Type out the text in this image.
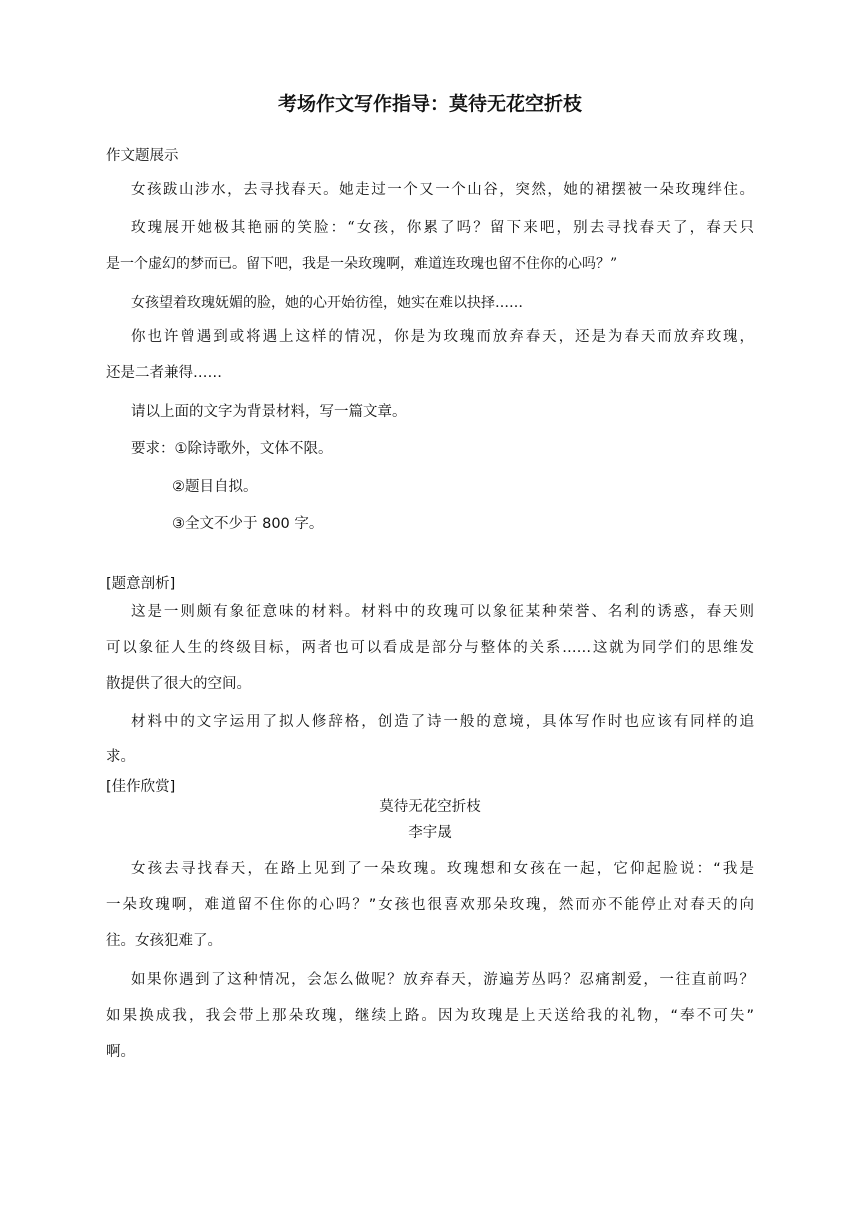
考场作文写作指导：莫待无花空折枝
作文题展示
女孩跋山涉水，去寻找春天。她走过一个又一个山谷，突然，她的裙摆被一朵玫瑰绊住。
玫瑰展开她极其艳丽的笑脸：“女孩，你累了吗？留下来吧，别去寻找春天了，春天只
是一个虚幻的梦而已。留下吧，我是一朵玫瑰啊，难道连玫瑰也留不住你的心吗？”
女孩望着玫瑰妩媚的脸，她的心开始彷徨，她实在难以抉择……
你也许曾遇到或将遇上这样的情况，你是为玫瑰而放弃春天，还是为春天而放弃玫瑰，
还是二者兼得……
请以上面的文字为背景材料，写一篇文章。
要求：①除诗歌外，文体不限。
②题目自拟。
③全文不少于 800 字。
[题意剖析]
这是一则颇有象征意味的材料。材料中的玫瑰可以象征某种荣誉、名利的诱惑，春天则
可以象征人生的终级目标，两者也可以看成是部分与整体的关系……这就为同学们的思维发
散提供了很大的空间。
材料中的文字运用了拟人修辞格，创造了诗一般的意境，具体写作时也应该有同样的追
求。
[佳作欣赏]
莫待无花空折枝
李宇晟
女孩去寻找春天，在路上见到了一朵玫瑰。玫瑰想和女孩在一起，它仰起脸说：“我是
一朵玫瑰啊，难道留不住你的心吗？”女孩也很喜欢那朵玫瑰，然而亦不能停止对春天的向
往。女孩犯难了。
如果你遇到了这种情况，会怎么做呢？放弃春天，游遍芳丛吗？忍痛割爱，一往直前吗？
如果换成我，我会带上那朵玫瑰，继续上路。因为玫瑰是上天送给我的礼物，“奉不可失”
啊。
